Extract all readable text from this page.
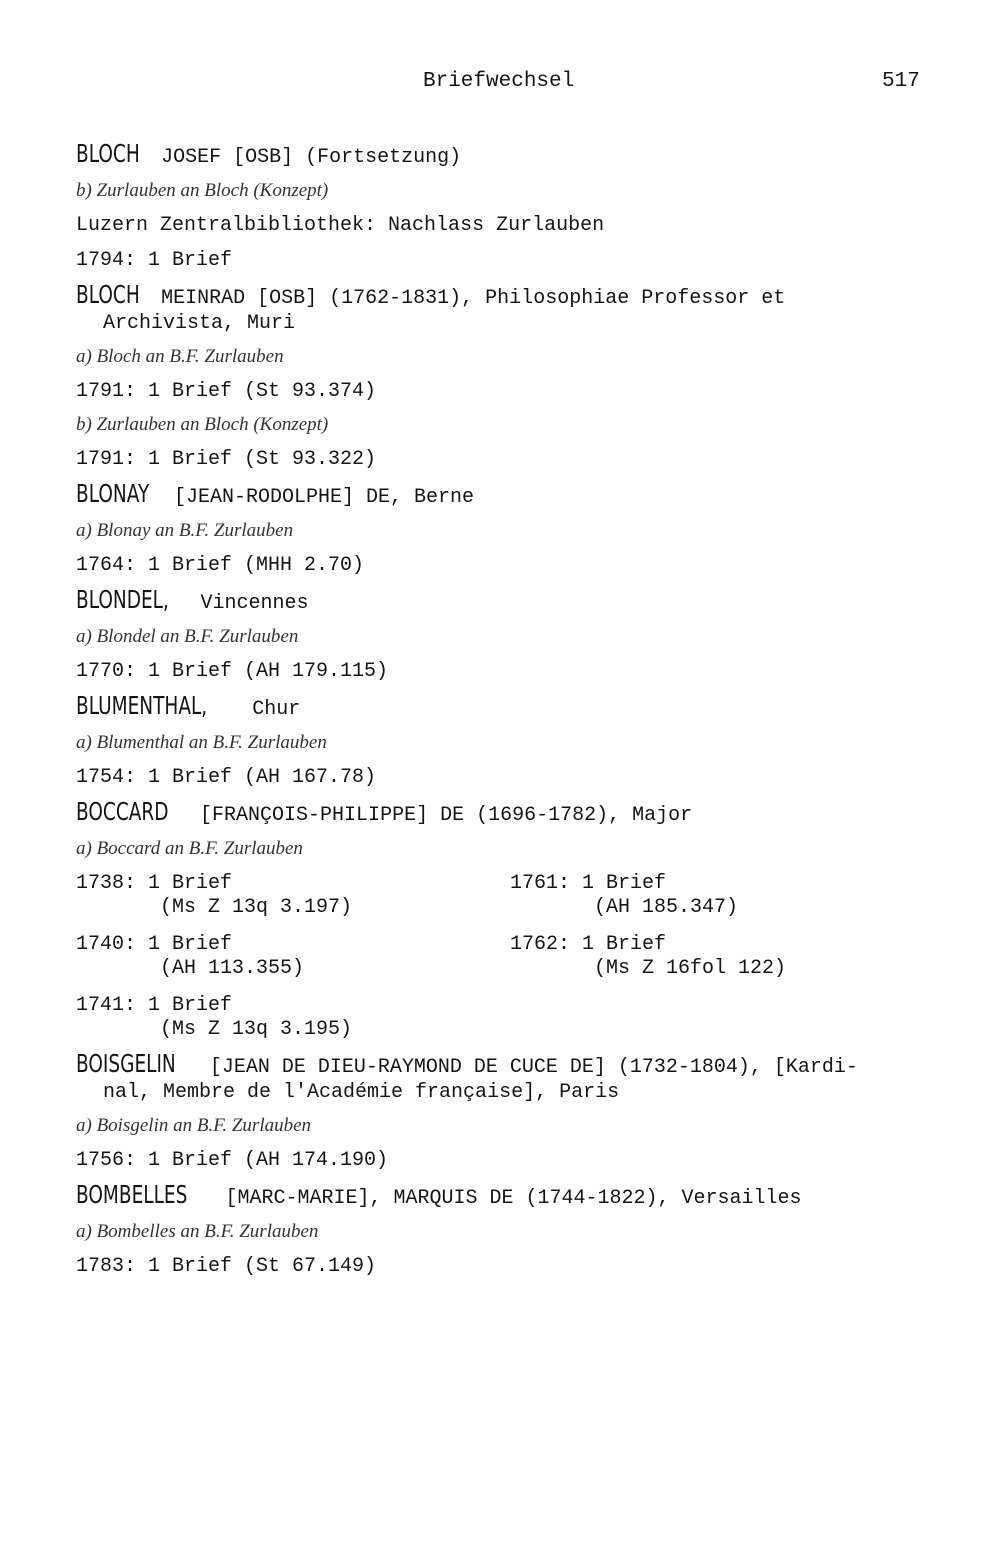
Briefwechsel	517
BLOCH JOSEF [OSB] (Fortsetzung)
b) Zurlauben an Bloch (Konzept)
Luzern Zentralbibliothek: Nachlass Zurlauben
1794: 1 Brief
BLOCH MEINRAD [OSB] (1762-1831), Philosophiae Professor et
Archivista, Muri
a) Bloch an B.F. Zurlauben
1791: 1 Brief (St 93.374)
b) Zurlauben an Bloch (Konzept)
1791: 1 Brief (St 93.322)
BLONAY [JEAN-RODOLPHE] DE, Berne
a) Blonay an B.F. Zurlauben
1764: 1 Brief (MHH 2.70)
BLONDEL, Vincennes
a) Blondel an B.F. Zurlauben
1770: 1 Brief (AH 179.115)
BLUMENTHAL, Chur
a) Blumenthal an B.F. Zurlauben
1754: 1 Brief (AH 167.78)
BOCCARD [FRANÇOIS-PHILIPPE] DE (1696-1782), Major
a) Boccard an B.F. Zurlauben
1738: 1 Brief
(Ms Z 13q 3.197)
1740: 1 Brief
(AH 113.355)
1741: 1 Brief
(Ms Z 13q 3.195)
1761: 1 Brief
(AH 185.347)
1762: 1 Brief
(Ms Z 16fol 122)
BOISGELIN [JEAN DE DIEU-RAYMOND DE CUCE DE] (1732-1804), [Kardi-
nal, Membre de l'Académie française], Paris
a) Boisgelin an B.F. Zurlauben
1756: 1 Brief (AH 174.190)
BOMBELLES [MARC-MARIE], MARQUIS DE (1744-1822), Versailles
a) Bombelles an B.F. Zurlauben
1783: 1 Brief (St 67.149)
